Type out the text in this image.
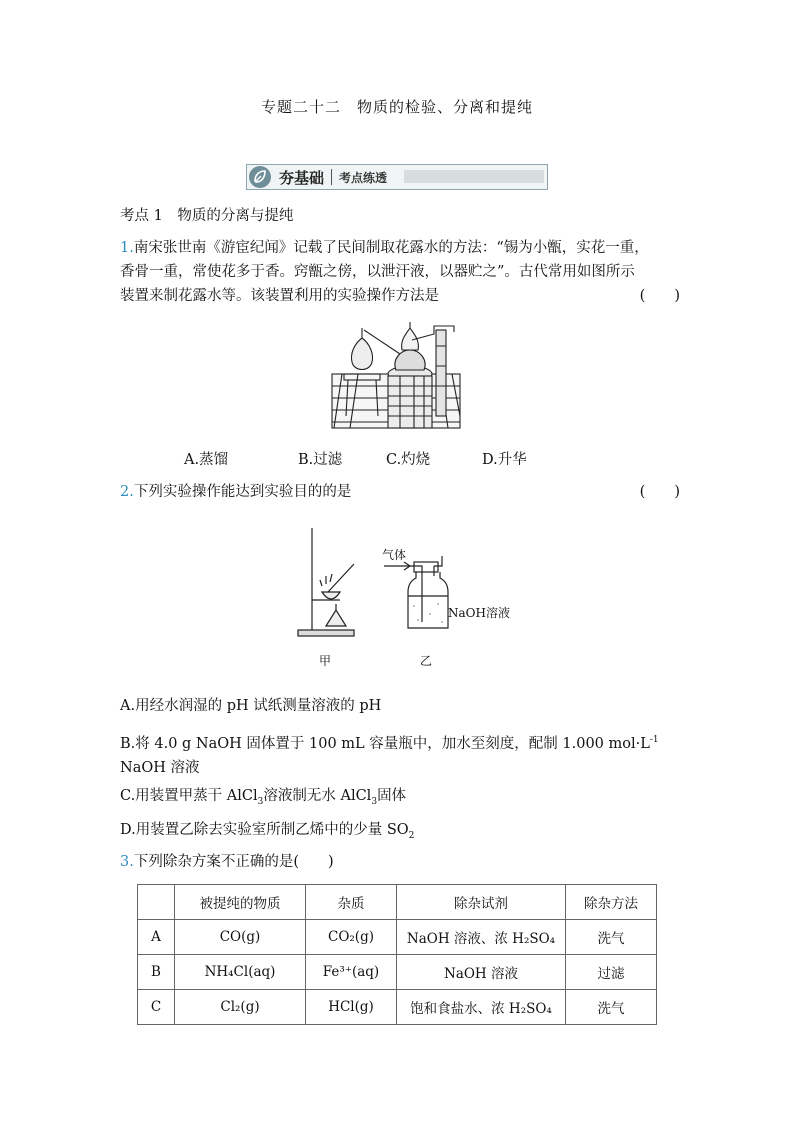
专题二十二　物质的检验、分离和提纯
夯基础 考点练透
考点 1　物质的分离与提纯
1.南宋张世南《游宦纪闻》记载了民间制取花露水的方法：“锡为小甑，实花一重，
香骨一重，常使花多于香。窍甑之傍，以泄汗液，以器贮之”。古代常用如图所示
装置来制花露水等。该装置利用的实验操作方法是	(　　)
A.蒸馏	B.过滤	C.灼烧	D.升华
2.下列实验操作能达到实验目的的是	(　　)
气体
NaOH溶液
甲	乙
A.用经水润湿的 pH 试纸测量溶液的 pH
B.将 4.0 g NaOH 固体置于 100 mL 容量瓶中，加水至刻度，配制 1.000 $mol\cdot L^{-1}$
NaOH 溶液
C.用装置甲蒸干 AlCl$_3$溶液制无水 AlCl$_3$固体
D.用装置乙除去实验室所制乙烯中的少量 $SO_2$
3.下列除杂方案不正确的是(　　)
	被提纯的物质	杂质	除杂试剂	除杂方法
A	CO(g)	CO₂(g)	NaOH 溶液、浓 H₂SO₄	洗气
B	NH₄Cl(aq)	Fe³⁺(aq)	NaOH 溶液	过滤
C	Cl₂(g)	HCl(g)	饱和食盐水、浓 H₂SO₄	洗气
